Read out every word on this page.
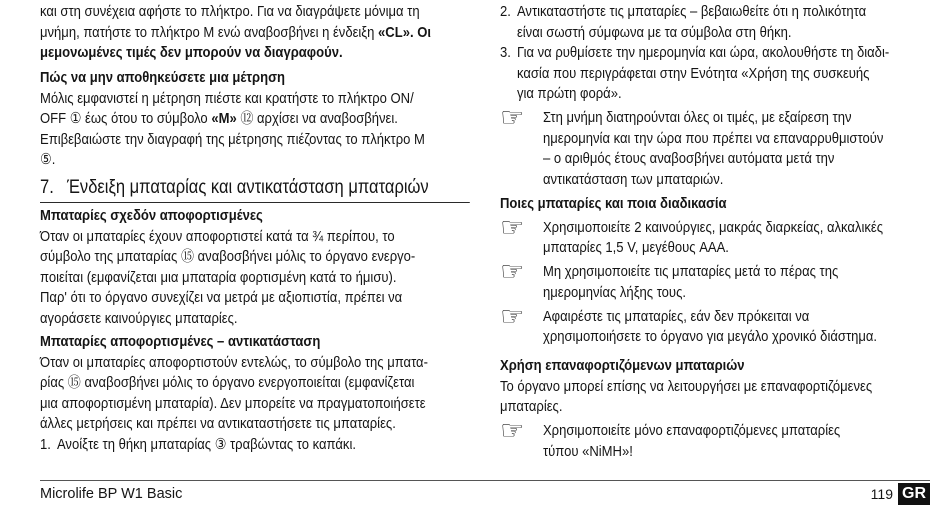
και στη συνέχεια αφήστε το πλήκτρο. Για να διαγράψετε μόνιμα τη
μνήμη, πατήστε το πλήκτρο M ενώ αναβοσβήνει η ένδειξη «CL». Οι
μεμονωμένες τιμές δεν μπορούν να διαγραφούν.
Πώς να μην αποθηκεύσετε μια μέτρηση
Μόλις εμφανιστεί η μέτρηση πιέστε και κρατήστε το πλήκτρο ON/
OFF ① έως ότου το σύμβολο «M» ⑫ αρχίσει να αναβοσβήνει.
Επιβεβαιώστε την διαγραφή της μέτρησης πιέζοντας το πλήκτρο M
⑤.
7. Ένδειξη μπαταρίας και αντικατάσταση μπαταριών
Μπαταρίες σχεδόν αποφορτισμένες
Όταν οι μπαταρίες έχουν αποφορτιστεί κατά τα ¾ περίπου, το
σύμβολο της μπαταρίας ⑮ αναβοσβήνει μόλις το όργανο ενεργο-
ποιείται (εμφανίζεται μια μπαταρία φορτισμένη κατά το ήμισυ).
Παρ' ότι το όργανο συνεχίζει να μετρά με αξιοπιστία, πρέπει να
αγοράσετε καινούργιες μπαταρίες.
Μπαταρίες αποφορτισμένες – αντικατάσταση
Όταν οι μπαταρίες αποφορτιστούν εντελώς, το σύμβολο της μπατα-
ρίας ⑮ αναβοσβήνει μόλις το όργανο ενεργοποιείται (εμφανίζεται
μια αποφορτισμένη μπαταρία). Δεν μπορείτε να πραγματοποιήσετε
άλλες μετρήσεις και πρέπει να αντικαταστήσετε τις μπαταρίες.
1. Ανοίξτε τη θήκη μπαταρίας ③ τραβώντας το καπάκι.
2. Αντικαταστήστε τις μπαταρίες – βεβαιωθείτε ότι η πολικότητα
είναι σωστή σύμφωνα με τα σύμβολα στη θήκη.
3. Για να ρυθμίσετε την ημερομηνία και ώρα, ακολουθήστε τη διαδι-
κασία που περιγράφεται στην Ενότητα «Χρήση της συσκευής
για πρώτη φορά».
☞
Στη μνήμη διατηρούνται όλες οι τιμές, με εξαίρεση την
ημερομηνία και την ώρα που πρέπει να επαναρρυθμιστούν
– ο αριθμός έτους αναβοσβήνει αυτόματα μετά την
αντικατάσταση των μπαταριών.
Ποιες μπαταρίες και ποια διαδικασία
☞
Χρησιμοποιείτε 2 καινούργιες, μακράς διαρκείας, αλκαλικές
μπαταρίες 1,5 V, μεγέθους AAA.
☞
Μη χρησιμοποιείτε τις μπαταρίες μετά το πέρας της
ημερομηνίας λήξης τους.
☞
Αφαιρέστε τις μπαταρίες, εάν δεν πρόκειται να
χρησιμοποιήσετε το όργανο για μεγάλο χρονικό διάστημα.
Χρήση επαναφορτιζόμενων μπαταριών
Το όργανο μπορεί επίσης να λειτουργήσει με επαναφορτιζόμενες
μπαταρίες.
☞
Χρησιμοποιείτε μόνο επαναφορτιζόμενες μπαταρίες
τύπου «NiMH»!
Microlife BP W1 Basic	119 GR
